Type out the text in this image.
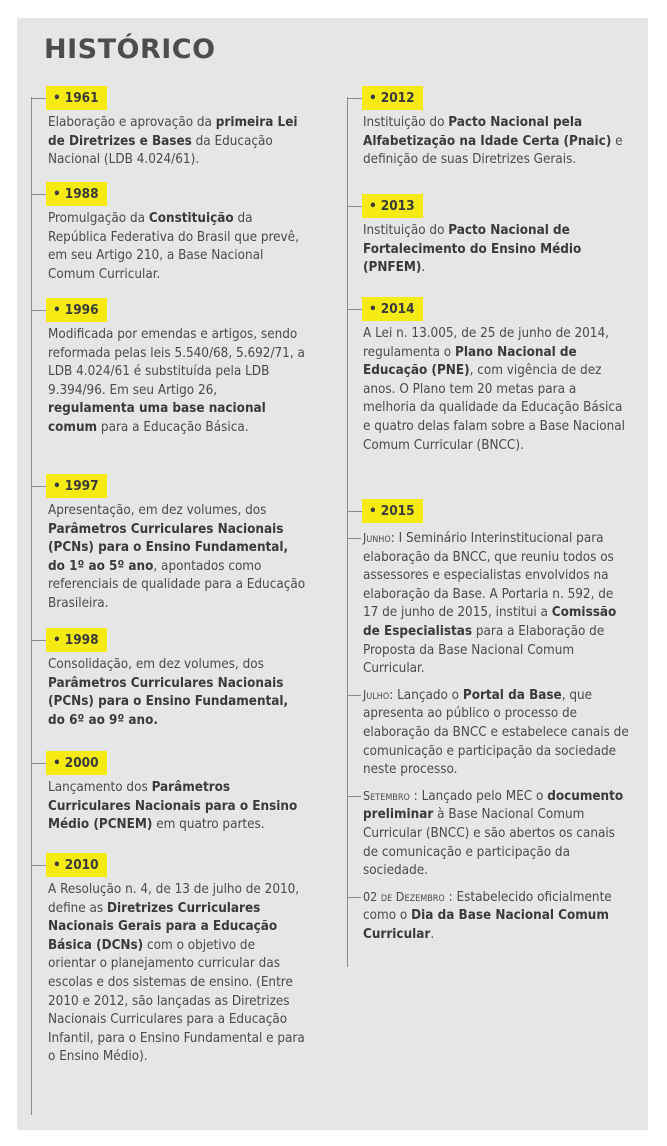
HISTÓRICO
• 1961
Elaboração e aprovação da primeira Lei de Diretrizes e Bases da Educação Nacional (LDB 4.024/61).
• 1988
Promulgação da Constituição da República Federativa do Brasil que prevê, em seu Artigo 210, a Base Nacional Comum Curricular.
• 1996
Modificada por emendas e artigos, sendo reformada pelas leis 5.540/68, 5.692/71, a LDB 4.024/61 é substituída pela LDB 9.394/96. Em seu Artigo 26, regulamenta uma base nacional comum para a Educação Básica.
• 1997
Apresentação, em dez volumes, dos Parâmetros Curriculares Nacionais (PCNs) para o Ensino Fundamental, do 1º ao 5º ano, apontados como referenciais de qualidade para a Educação Brasileira.
• 1998
Consolidação, em dez volumes, dos Parâmetros Curriculares Nacionais (PCNs) para o Ensino Fundamental, do 6º ao 9º ano.
• 2000
Lançamento dos Parâmetros Curriculares Nacionais para o Ensino Médio (PCNEM) em quatro partes.
• 2010
A Resolução n. 4, de 13 de julho de 2010, define as Diretrizes Curriculares Nacionais Gerais para a Educação Básica (DCNs) com o objetivo de orientar o planejamento curricular das escolas e dos sistemas de ensino. (Entre 2010 e 2012, são lançadas as Diretrizes Nacionais Curriculares para a Educação Infantil, para o Ensino Fundamental e para o Ensino Médio).
• 2012
Instituição do Pacto Nacional pela Alfabetização na Idade Certa (Pnaic) e definição de suas Diretrizes Gerais.
• 2013
Instituição do Pacto Nacional de Fortalecimento do Ensino Médio (PNFEM).
• 2014
A Lei n. 13.005, de 25 de junho de 2014, regulamenta o Plano Nacional de Educação (PNE), com vigência de dez anos. O Plano tem 20 metas para a melhoria da qualidade da Educação Básica e quatro delas falam sobre a Base Nacional Comum Curricular (BNCC).
• 2015
Junho: I Seminário Interinstitucional para elaboração da BNCC, que reuniu todos os assessores e especialistas envolvidos na elaboração da Base. A Portaria n. 592, de 17 de junho de 2015, institui a Comissão de Especialistas para a Elaboração de Proposta da Base Nacional Comum Curricular.
Julho: Lançado o Portal da Base, que apresenta ao público o processo de elaboração da BNCC e estabelece canais de comunicação e participação da sociedade neste processo.
Setembro : Lançado pelo MEC o documento preliminar à Base Nacional Comum Curricular (BNCC) e são abertos os canais de comunicação e participação da sociedade.
02 de Dezembro : Estabelecido oficialmente como o Dia da Base Nacional Comum Curricular.
